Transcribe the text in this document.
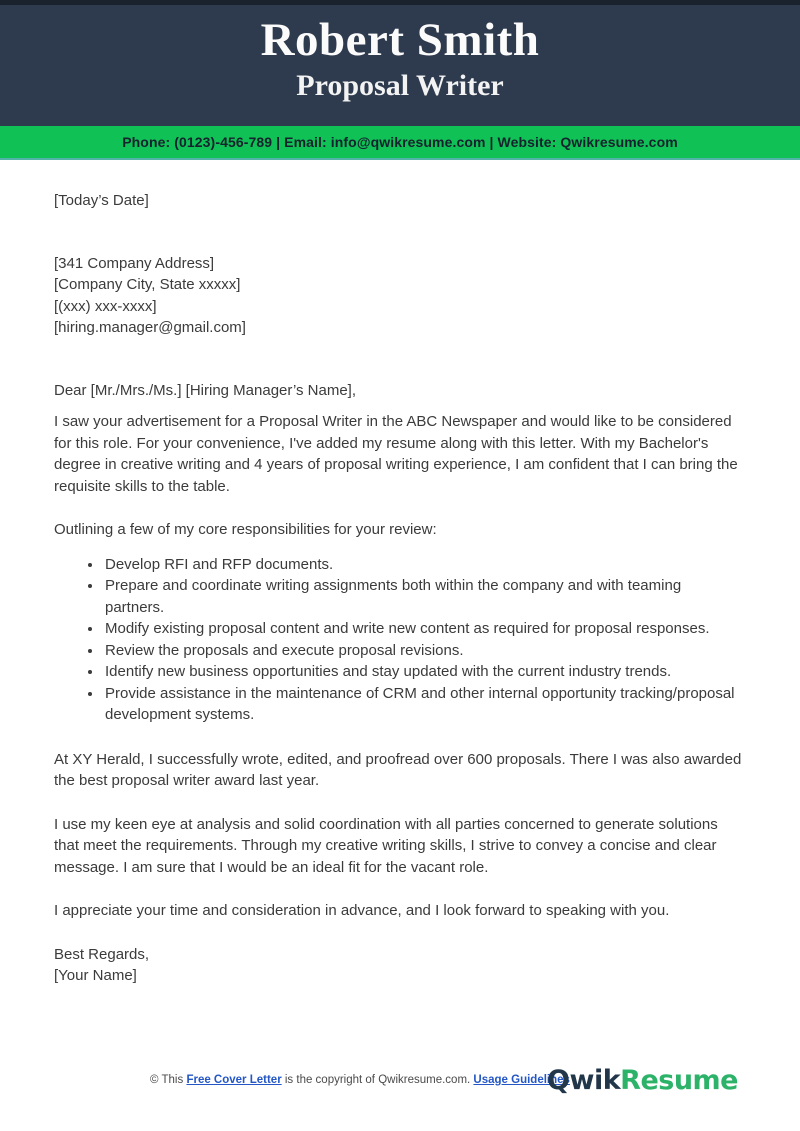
Robert Smith
Proposal Writer
Phone: (0123)-456-789 | Email: info@qwikresume.com | Website: Qwikresume.com

[Today’s Date]

[341 Company Address]

[Company City, State xxxxx]

[(xxx) xxx-xxxx]

[hiring.manager@gmail.com]

Dear [Mr./Mrs./Ms.] [Hiring Manager’s Name],

I saw your advertisement for a Proposal Writer in the ABC Newspaper and would like to be considered for this role. For your convenience, I've added my resume along with this letter. With my Bachelor's degree in creative writing and 4 years of proposal writing experience, I am confident that I can bring the requisite skills to the table.

Outlining a few of my core responsibilities for your review:

• Develop RFI and RFP documents.
• Prepare and coordinate writing assignments both within the company and with teaming partners.
• Modify existing proposal content and write new content as required for proposal responses.
• Review the proposals and execute proposal revisions.
• Identify new business opportunities and stay updated with the current industry trends.
• Provide assistance in the maintenance of CRM and other internal opportunity tracking/proposal development systems.

At XY Herald, I successfully wrote, edited, and proofread over 600 proposals. There I was also awarded the best proposal writer award last year.

I use my keen eye at analysis and solid coordination with all parties concerned to generate solutions that meet the requirements. Through my creative writing skills, I strive to convey a concise and clear message. I am sure that I would be an ideal fit for the vacant role.

I appreciate your time and consideration in advance, and I look forward to speaking with you.

Best Regards,

[Your Name]

© This Free Cover Letter is the copyright of Qwikresume.com. Usage Guidelines
Qwik Resume
